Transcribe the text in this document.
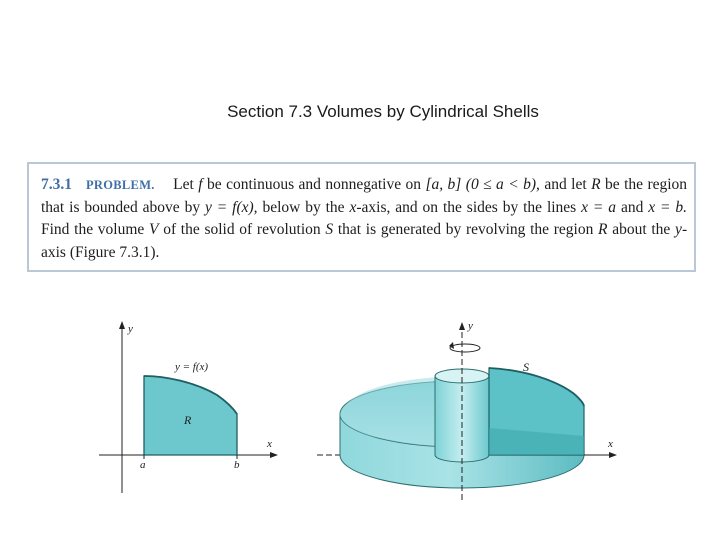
Section 7.3 Volumes by Cylindrical Shells
7.3.1 PROBLEM. Let f be continuous and nonnegative on [a, b] (0 ≤ a < b), and let R be the region that is bounded above by y = f(x), below by the x-axis, and on the sides by the lines x = a and x = b. Find the volume V of the solid of revolution S that is generated by revolving the region R about the y-axis (Figure 7.3.1).
y
x
y = f(x)
R
a	b
y
x
S
